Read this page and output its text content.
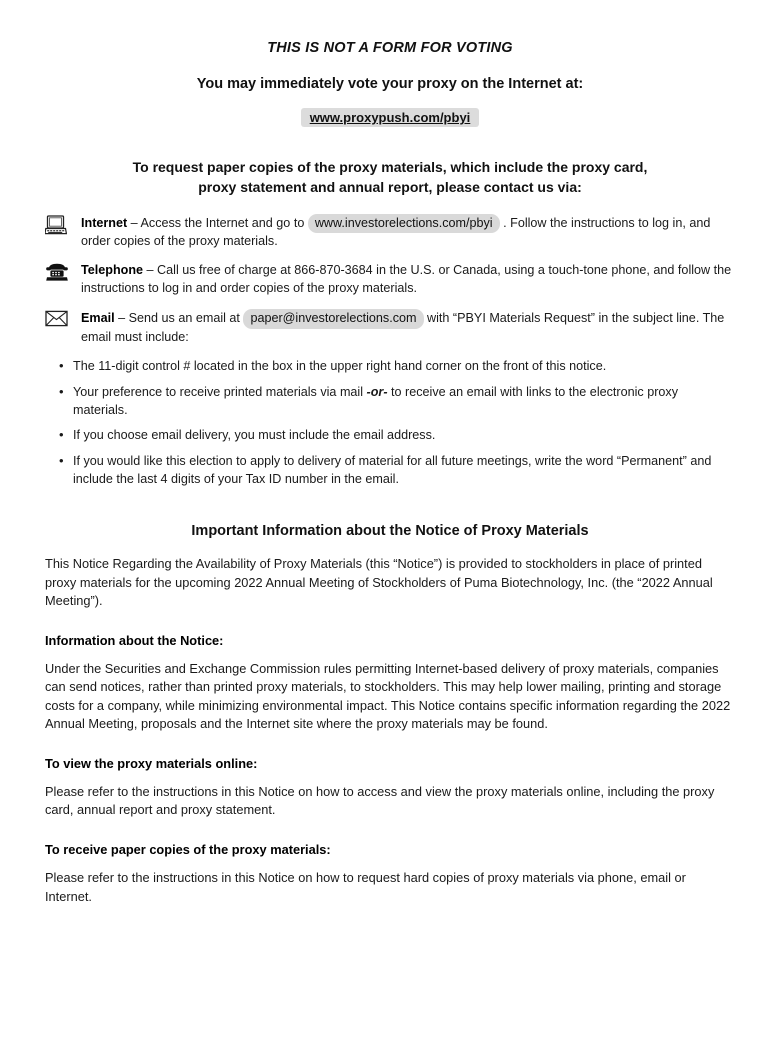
THIS IS NOT A FORM FOR VOTING
You may immediately vote your proxy on the Internet at:
www.proxypush.com/pbyi
To request paper copies of the proxy materials, which include the proxy card,
proxy statement and annual report, please contact us via:
Internet – Access the Internet and go to www.investorelections.com/pbyi . Follow the instructions to log in, and order copies of the proxy materials.
Telephone – Call us free of charge at 866-870-3684 in the U.S. or Canada, using a touch-tone phone, and follow the instructions to log in and order copies of the proxy materials.
Email – Send us an email at paper@investorelections.com with “PBYI Materials Request” in the subject line. The email must include:
• The 11-digit control # located in the box in the upper right hand corner on the front of this notice.
• Your preference to receive printed materials via mail -or- to receive an email with links to the electronic proxy materials.
• If you choose email delivery, you must include the email address.
• If you would like this election to apply to delivery of material for all future meetings, write the word “Permanent” and include the last 4 digits of your Tax ID number in the email.
Important Information about the Notice of Proxy Materials

This Notice Regarding the Availability of Proxy Materials (this “Notice”) is provided to stockholders in place of printed proxy materials for the upcoming 2022 Annual Meeting of Stockholders of Puma Biotechnology, Inc. (the “2022 Annual Meeting”).

Information about the Notice:

Under the Securities and Exchange Commission rules permitting Internet-based delivery of proxy materials, companies can send notices, rather than printed proxy materials, to stockholders. This may help lower mailing, printing and storage costs for a company, while minimizing environmental impact. This Notice contains specific information regarding the 2022 Annual Meeting, proposals and the Internet site where the proxy materials may be found.

To view the proxy materials online:

Please refer to the instructions in this Notice on how to access and view the proxy materials online, including the proxy card, annual report and proxy statement.

To receive paper copies of the proxy materials:

Please refer to the instructions in this Notice on how to request hard copies of proxy materials via phone, email or Internet.
